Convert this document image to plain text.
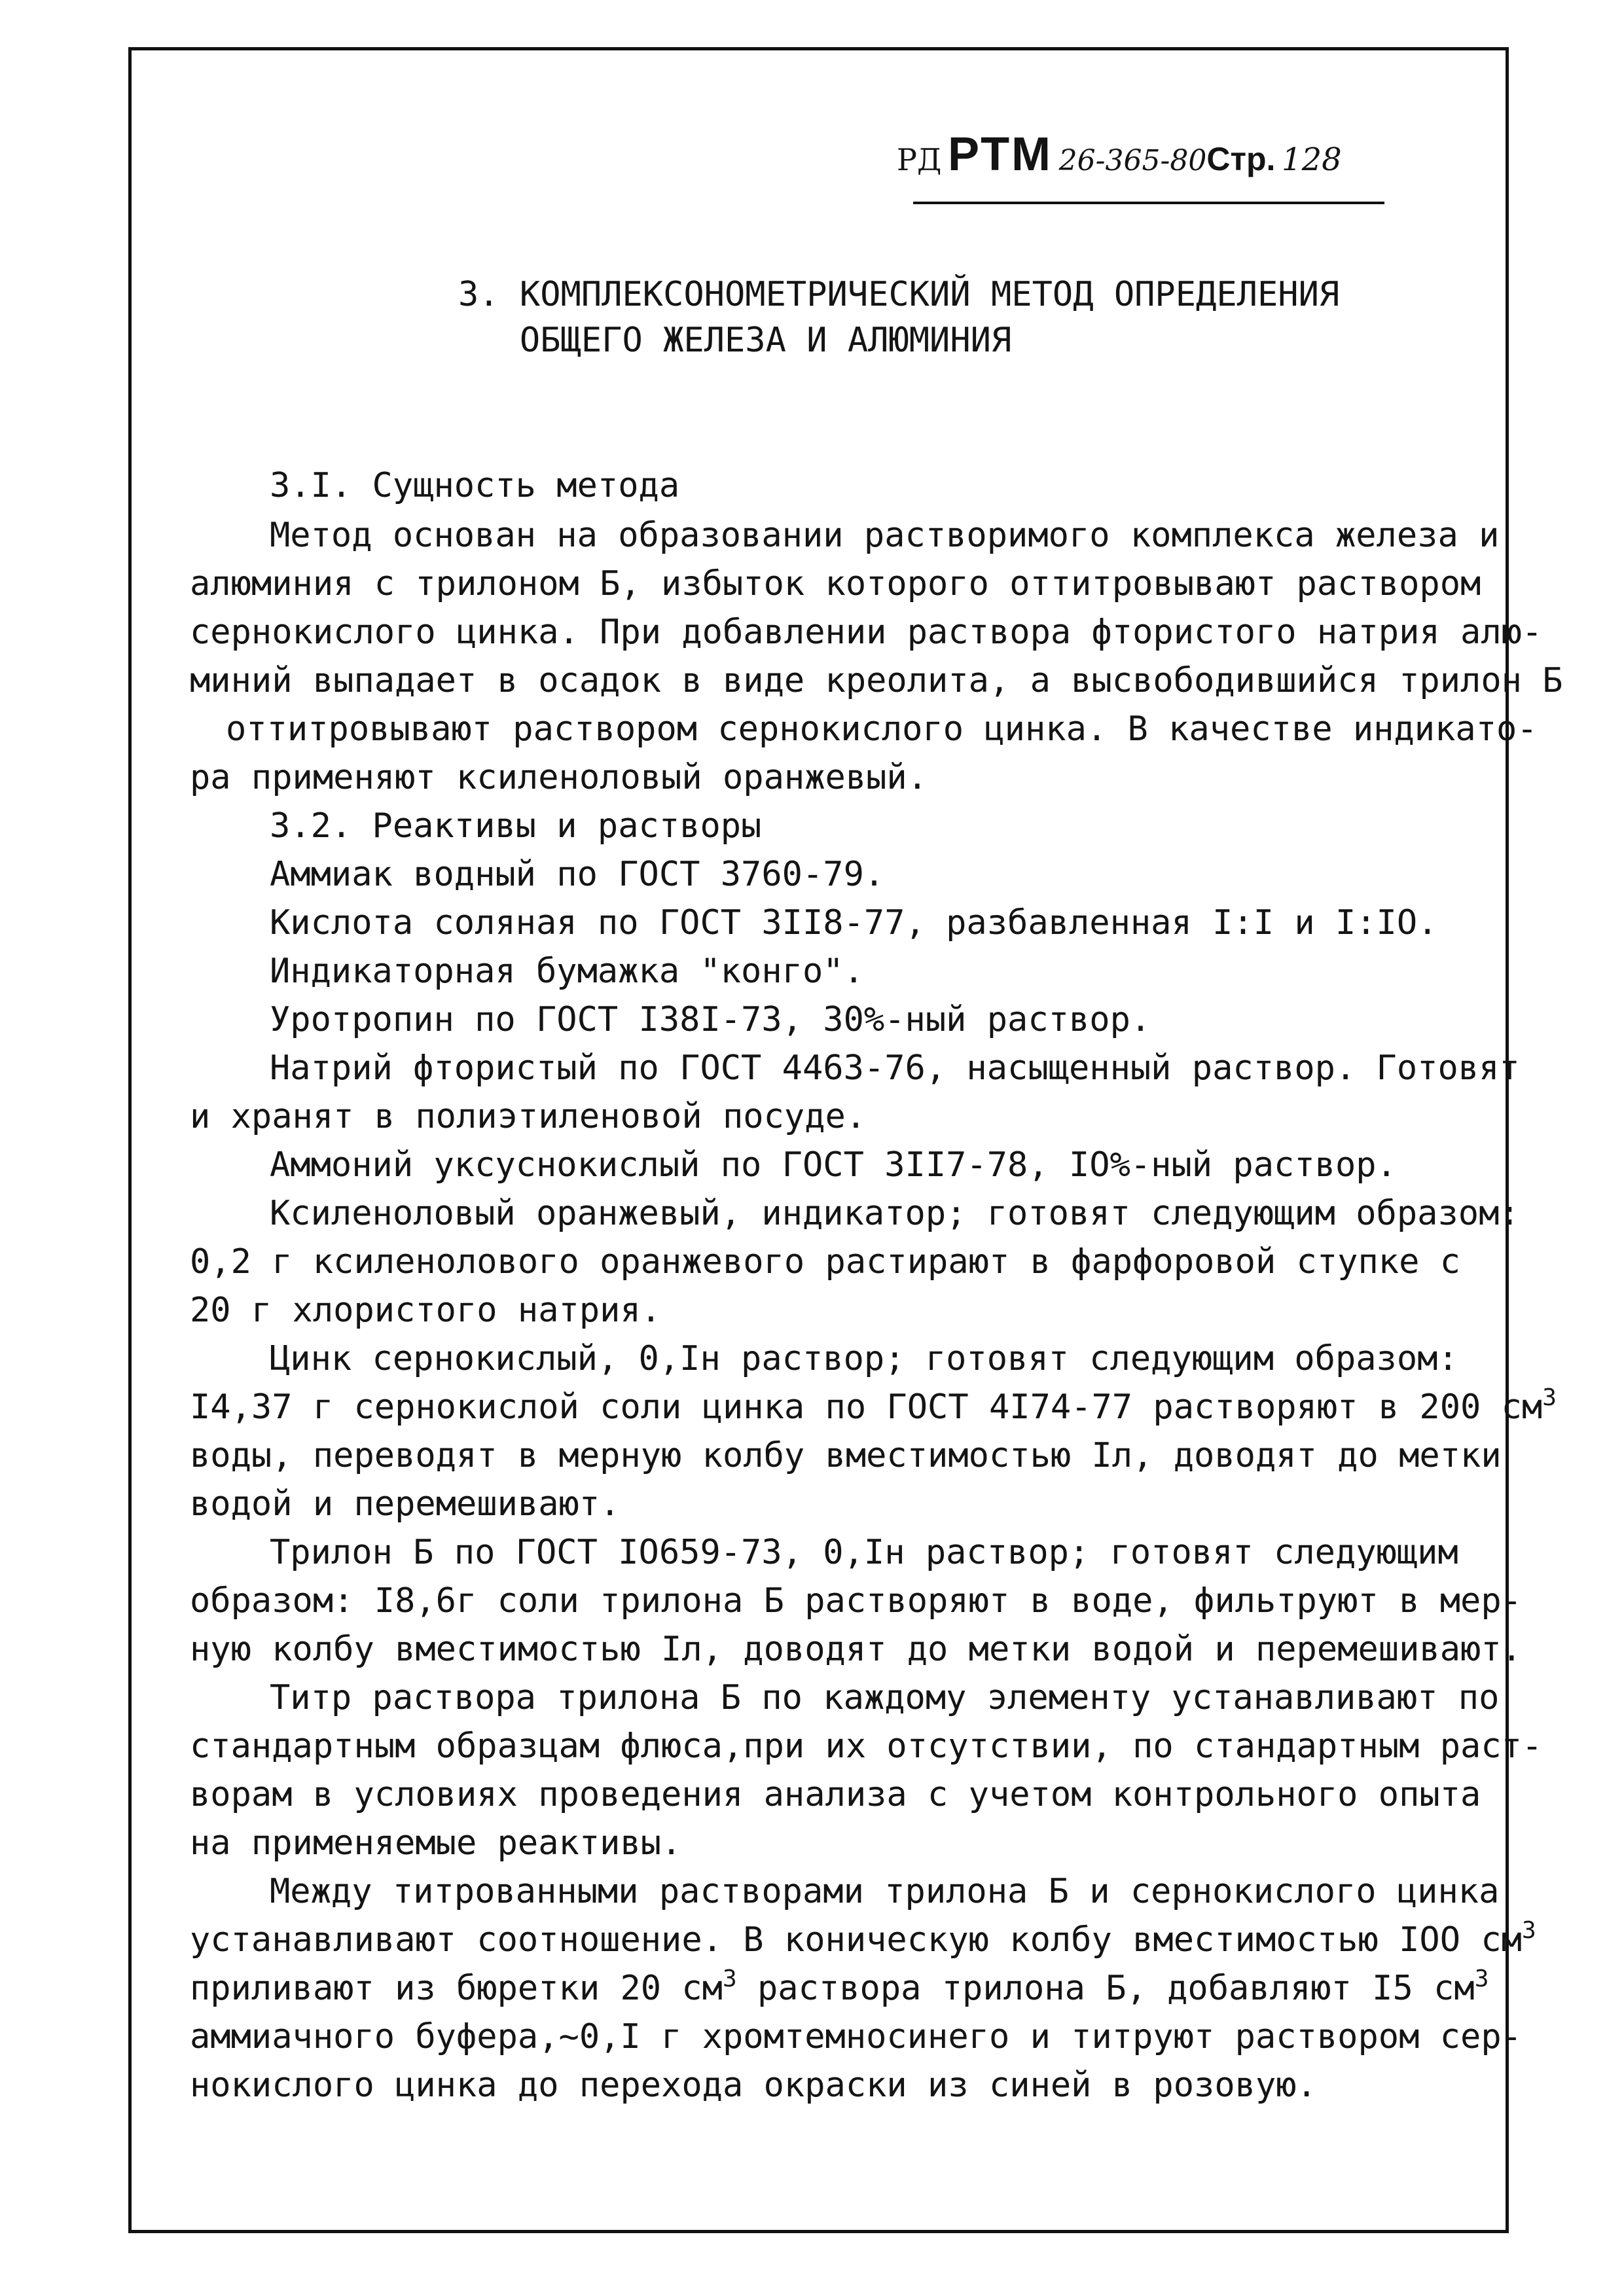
РД РТМ 26-365-80Стр. 128
3. КОМПЛЕКСОНОМЕТРИЧЕСКИЙ МЕТОД ОПРЕДЕЛЕНИЯ
ОБЩЕГО ЖЕЛЕЗА И АЛЮМИНИЯ
3.I. Сущность метода
Метод основан на образовании растворимого комплекса железа и
алюминия с трилоном Б, избыток которого оттитровывают раствором
сернокислого цинка. При добавлении раствора фтористого натрия алю-
миний выпадает в осадок в виде креолита, а высвободившийся трилон Б
оттитровывают раствором сернокислого цинка. В качестве индикато-
ра применяют ксиленоловый оранжевый.
3.2. Реактивы и растворы
Аммиак водный по ГОСТ 3760-79.
Кислота соляная по ГОСТ 3II8-77, разбавленная I:I и I:IO.
Индикаторная бумажка "конго".
Уротропин по ГОСТ I38I-73, 30%-ный раствор.
Натрий фтористый по ГОСТ 4463-76, насыщенный раствор. Готовят
и хранят в полиэтиленовой посуде.
Аммоний уксуснокислый по ГОСТ 3II7-78, IO%-ный раствор.
Ксиленоловый оранжевый, индикатор; готовят следующим образом:
0,2 г ксиленолового оранжевого растирают в фарфоровой ступке с
20 г хлористого натрия.
Цинк сернокислый, 0,Iн раствор; готовят следующим образом:
I4,37 г сернокислой соли цинка по ГОСТ 4I74-77 растворяют в 200 $см^3$
воды, переводят в мерную колбу вместимостью Iл, доводят до метки
водой и перемешивают.
Трилон Б по ГОСТ IO659-73, 0,Iн раствор; готовят следующим
образом: I8,6г соли трилона Б растворяют в воде, фильтруют в мер-
ную колбу вместимостью Iл, доводят до метки водой и перемешивают.
Титр раствора трилона Б по каждому элементу устанавливают по
стандартным образцам флюса,при их отсутствии, по стандартным раст-
ворам в условиях проведения анализа с учетом контрольного опыта
на применяемые реактивы.
Между титрованными растворами трилона Б и сернокислого цинка
устанавливают соотношение. В коническую колбу вместимостью IOO $см^3$
приливают из бюретки 20 $см^3$ раствора трилона Б, добавляют I5 $см^3$
аммиачного буфера,~0,I г хромтемносинего и титруют раствором сер-
нокислого цинка до перехода окраски из синей в розовую.
